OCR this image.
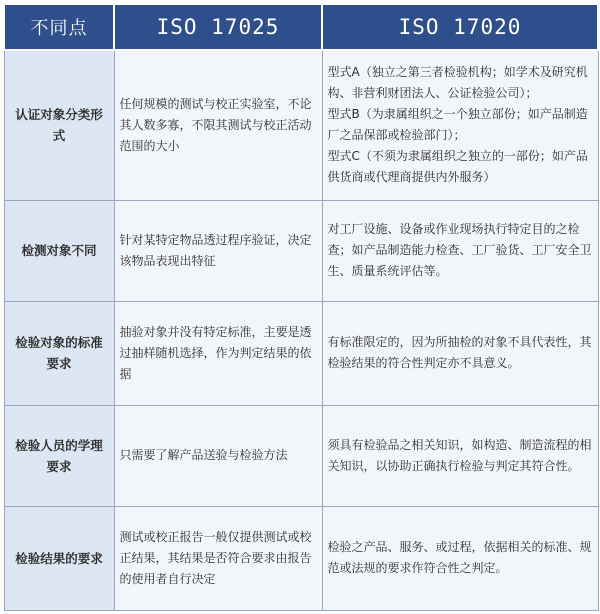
不同点	ISO 17025	ISO 17020
认证对象分类形式	任何规模的测试与校正实验室，不论其人数多寡，不限其测试与校正活动范围的大小	型式A（独立之第三者检验机构；如学术及研究机构、非营利财团法人、公证检验公司）；
型式B（为隶属组织之一个独立部份；如产品制造厂之品保部或检验部门）；
型式C（不须为隶属组织之独立的一部份；如产品供货商或代理商提供内外服务）

检测对象不同	针对某特定物品透过程序验证，决定该物品表现出特征	对工厂设施、设备或作业现场执行特定目的之检查；如产品制造能力检查、工厂验货、工厂安全卫生、质量系统评估等。
检验对象的标准要求	抽验对象并没有特定标准，主要是透过抽样随机选择，作为判定结果的依据	有标准限定的，因为所抽检的对象不具代表性，其检验结果的符合性判定亦不具意义。
检验人员的学理要求	只需要了解产品送验与检验方法	须具有检验品之相关知识，如构造、制造流程的相关知识，以协助正确执行检验与判定其符合性。
检验结果的要求	测试或校正报告一般仅提供测试或校正结果，其结果是否符合要求由报告的使用者自行决定	检验之产品、服务、或过程，依据相关的标准、规范或法规的要求作符合性之判定。
